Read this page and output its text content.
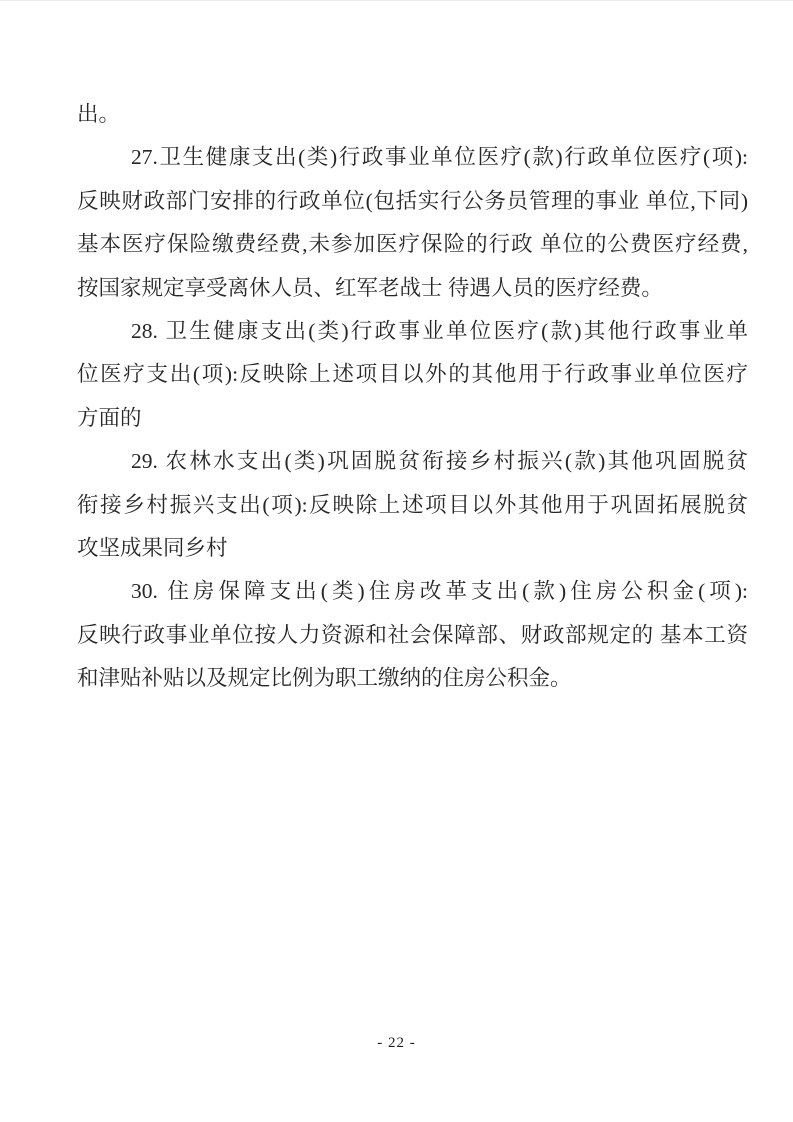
出。
27.卫生健康支出(类)行政事业单位医疗(款)行政单位医疗(项):
反映财政部门安排的行政单位(包括实行公务员管理的事业 单位,下同)
基本医疗保险缴费经费,未参加医疗保险的行政 单位的公费医疗经费,
按国家规定享受离休人员、红军老战士 待遇人员的医疗经费。
28. 卫生健康支出(类)行政事业单位医疗(款)其他行政事业单
位医疗支出(项):反映除上述项目以外的其他用于行政事业单位医疗
方面的
29. 农林水支出(类)巩固脱贫衔接乡村振兴(款)其他巩固脱贫
衔接乡村振兴支出(项):反映除上述项目以外其他用于巩固拓展脱贫
攻坚成果同乡村
30. 住房保障支出(类)住房改革支出(款)住房公积金(项):
反映行政事业单位按人力资源和社会保障部、财政部规定的 基本工资
和津贴补贴以及规定比例为职工缴纳的住房公积金。
- 22 -
